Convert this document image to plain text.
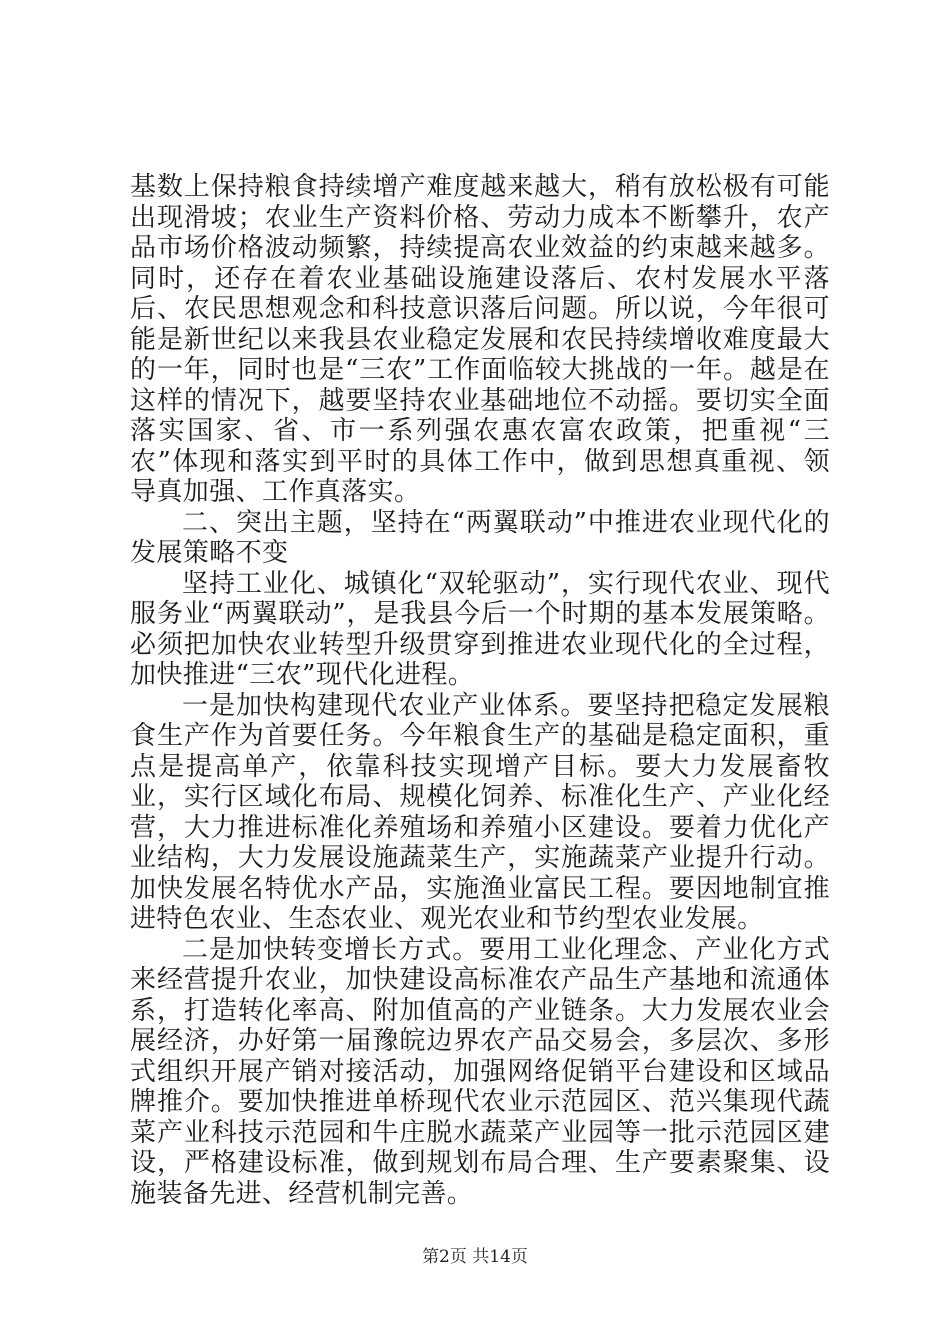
基数上保持粮食持续增产难度越来越大，稍有放松极有可能出现滑坡；农业生产资料价格、劳动力成本不断攀升，农产品市场价格波动频繁，持续提高农业效益的约束越来越多。同时，还存在着农业基础设施建设落后、农村发展水平落后、农民思想观念和科技意识落后问题。所以说，今年很可能是新世纪以来我县农业稳定发展和农民持续增收难度最大的一年，同时也是“三农”工作面临较大挑战的一年。越是在这样的情况下，越要坚持农业基础地位不动摇。要切实全面落实国家、省、市一系列强农惠农富农政策，把重视“三农”体现和落实到平时的具体工作中，做到思想真重视、领导真加强、工作真落实。

二、突出主题，坚持在“两翼联动”中推进农业现代化的发展策略不变

坚持工业化、城镇化“双轮驱动”，实行现代农业、现代服务业“两翼联动”，是我县今后一个时期的基本发展策略。必须把加快农业转型升级贯穿到推进农业现代化的全过程，加快推进“三农”现代化进程。

一是加快构建现代农业产业体系。要坚持把稳定发展粮食生产作为首要任务。今年粮食生产的基础是稳定面积，重点是提高单产，依靠科技实现增产目标。要大力发展畜牧业，实行区域化布局、规模化饲养、标准化生产、产业化经营，大力推进标准化养殖场和养殖小区建设。要着力优化产业结构，大力发展设施蔬菜生产，实施蔬菜产业提升行动。加快发展名特优水产品，实施渔业富民工程。要因地制宜推进特色农业、生态农业、观光农业和节约型农业发展。

二是加快转变增长方式。要用工业化理念、产业化方式来经营提升农业，加快建设高标准农产品生产基地和流通体系，打造转化率高、附加值高的产业链条。大力发展农业会展经济，办好第一届豫皖边界农产品交易会，多层次、多形式组织开展产销对接活动，加强网络促销平台建设和区域品牌推介。要加快推进单桥现代农业示范园区、范兴集现代蔬菜产业科技示范园和牛庄脱水蔬菜产业园等一批示范园区建设，严格建设标准，做到规划布局合理、生产要素聚集、设施装备先进、经营机制完善。

第2页 共14页
